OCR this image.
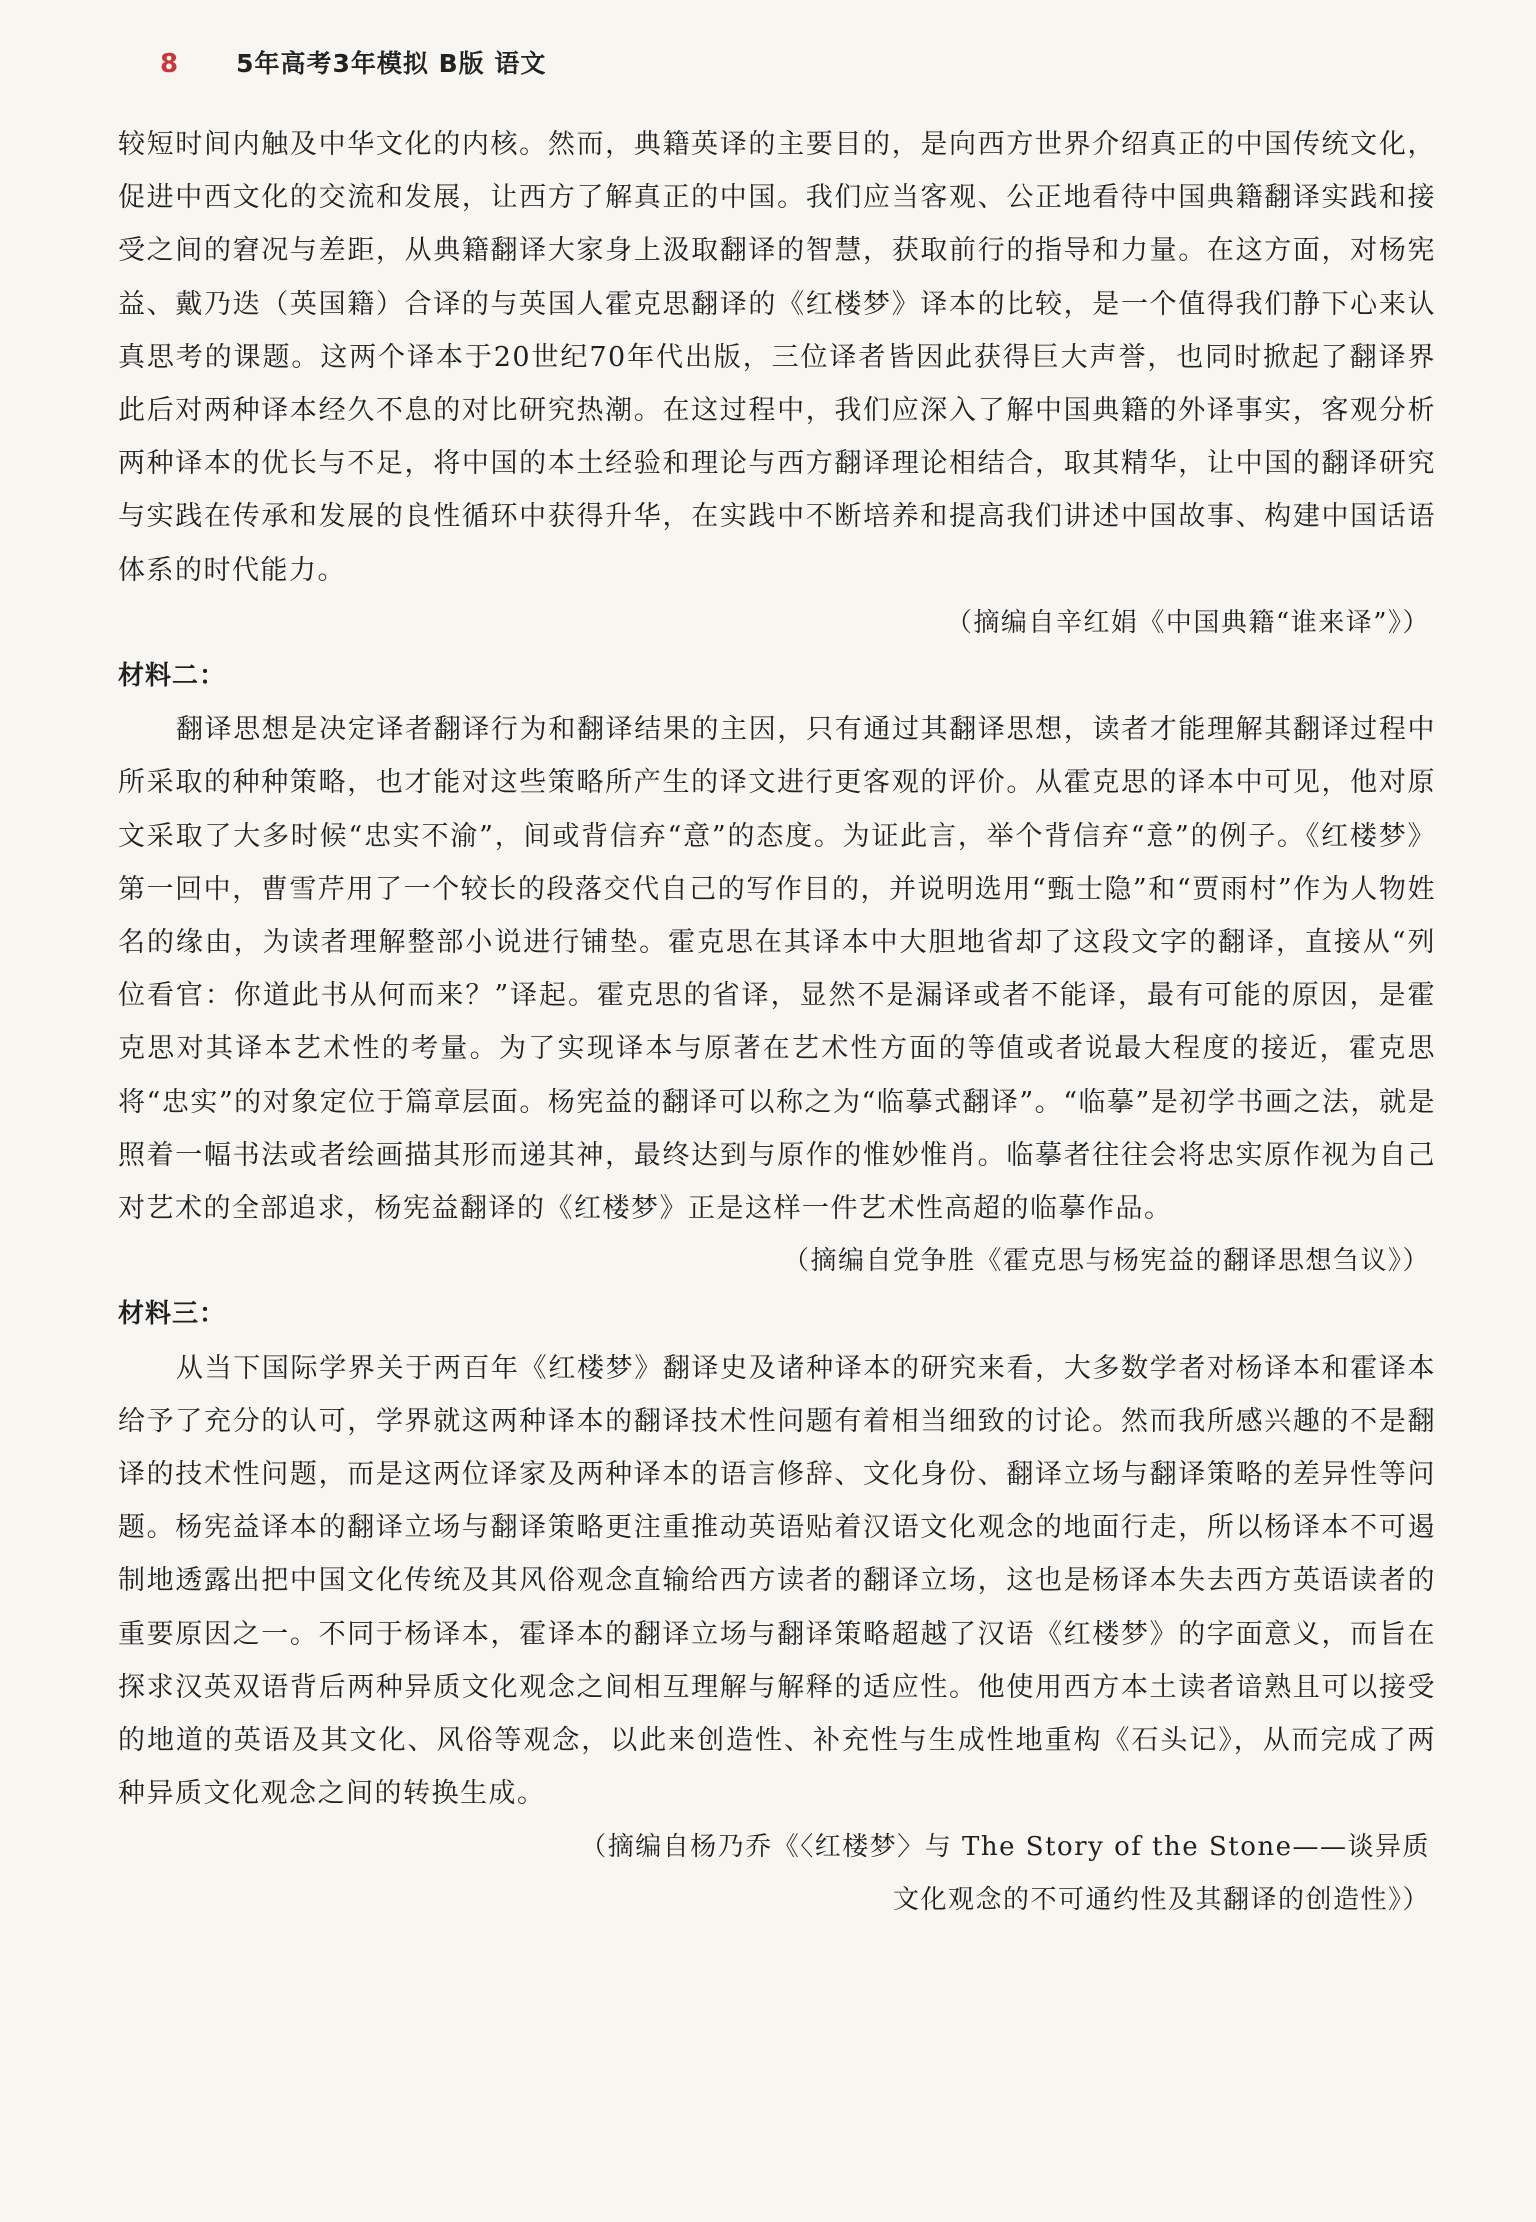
8 5年高考3年模拟 B版 语文

较短时间内触及中华文化的内核。然而，典籍英译的主要目的，是向西方世界介绍真正的中国传统文化，促进中西文化的交流和发展，让西方了解真正的中国。我们应当客观、公正地看待中国典籍翻译实践和接受之间的窘况与差距，从典籍翻译大家身上汲取翻译的智慧，获取前行的指导和力量。在这方面，对杨宪益、戴乃迭（英国籍）合译的与英国人霍克思翻译的《红楼梦》译本的比较，是一个值得我们静下心来认真思考的课题。这两个译本于20世纪70年代出版，三位译者皆因此获得巨大声誉，也同时掀起了翻译界此后对两种译本经久不息的对比研究热潮。在这过程中，我们应深入了解中国典籍的外译事实，客观分析两种译本的优长与不足，将中国的本土经验和理论与西方翻译理论相结合，取其精华，让中国的翻译研究与实践在传承和发展的良性循环中获得升华，在实践中不断培养和提高我们讲述中国故事、构建中国话语体系的时代能力。

（摘编自辛红娟《中国典籍“谁来译”》）

材料二：

翻译思想是决定译者翻译行为和翻译结果的主因，只有通过其翻译思想，读者才能理解其翻译过程中所采取的种种策略，也才能对这些策略所产生的译文进行更客观的评价。从霍克思的译本中可见，他对原文采取了大多时候“忠实不渝”，间或背信弃“意”的态度。为证此言，举个背信弃“意”的例子。《红楼梦》第一回中，曹雪芹用了一个较长的段落交代自己的写作目的，并说明选用“甄士隐”和“贾雨村”作为人物姓名的缘由，为读者理解整部小说进行铺垫。霍克思在其译本中大胆地省却了这段文字的翻译，直接从“列位看官：你道此书从何而来？”译起。霍克思的省译，显然不是漏译或者不能译，最有可能的原因，是霍克思对其译本艺术性的考量。为了实现译本与原著在艺术性方面的等值或者说最大程度的接近，霍克思将“忠实”的对象定位于篇章层面。杨宪益的翻译可以称之为“临摹式翻译”。“临摹”是初学书画之法，就是照着一幅书法或者绘画描其形而递其神，最终达到与原作的惟妙惟肖。临摹者往往会将忠实原作视为自己对艺术的全部追求，杨宪益翻译的《红楼梦》正是这样一件艺术性高超的临摹作品。

（摘编自党争胜《霍克思与杨宪益的翻译思想刍议》）

材料三：

从当下国际学界关于两百年《红楼梦》翻译史及诸种译本的研究来看，大多数学者对杨译本和霍译本给予了充分的认可，学界就这两种译本的翻译技术性问题有着相当细致的讨论。然而我所感兴趣的不是翻译的技术性问题，而是这两位译家及两种译本的语言修辞、文化身份、翻译立场与翻译策略的差异性等问题。杨宪益译本的翻译立场与翻译策略更注重推动英语贴着汉语文化观念的地面行走，所以杨译本不可遏制地透露出把中国文化传统及其风俗观念直输给西方读者的翻译立场，这也是杨译本失去西方英语读者的重要原因之一。不同于杨译本，霍译本的翻译立场与翻译策略超越了汉语《红楼梦》的字面意义，而旨在探求汉英双语背后两种异质文化观念之间相互理解与解释的适应性。他使用西方本土读者谙熟且可以接受的地道的英语及其文化、风俗等观念，以此来创造性、补充性与生成性地重构《石头记》，从而完成了两种异质文化观念之间的转换生成。

（摘编自杨乃乔《〈红楼梦〉与 The Story of the Stone——谈异质
文化观念的不可通约性及其翻译的创造性》）
